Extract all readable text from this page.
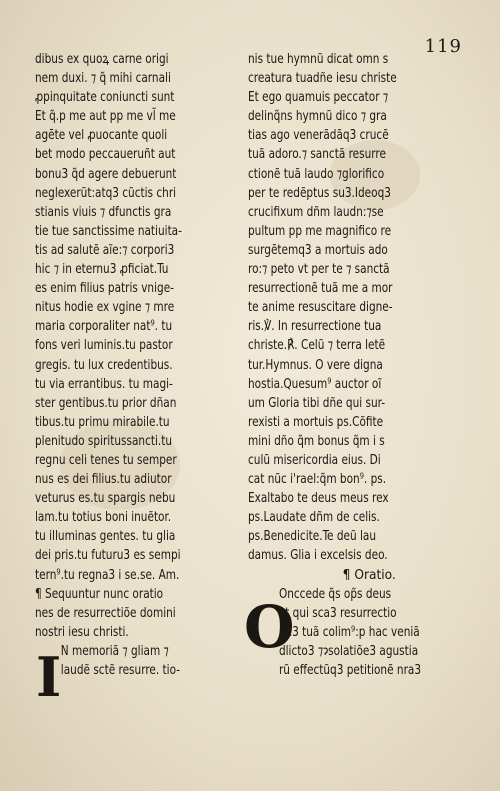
119
dibus ex quoꝝ carne origi
nem duxi. ⁊ q̃ mihi carnali
ꝓpinquitate coniuncti sunt
Et q̃.p me aut pp me vl̃ me
agēte vel ꝓuocante quoli
bet modo peccaueruñt aut
bonu3 q̃d agere debuerunt
neglexerũt:atq3 cũctis chri
stianis viuis ⁊ dfunctis gra
tie tue sanctissime natiuita-
tis ad salutẽ aĩe:⁊ corpori3
hic ⁊ in eternu3 ꝓficiat.Tu
es enim filius patris vnige-
nitus hodie ex vgine ⁊ mre
maria corporaliter nat⁹. tu
fons veri luminis.tu pastor
gregis. tu lux credentibus.
tu via errantibus. tu magi-
ster gentibus.tu prior dñan
tibus.tu primu mirabile.tu
plenitudo spiritussancti.tu
regnu celi tenes tu semper
nus es dei filius.tu adiutor
veturus es.tu spargis nebu
lam.tu totius boni inuẽtor.
tu illuminas gentes. tu glia
dei pris.tu futuru3 es sempi
tern⁹.tu regna3 i se.se. Am.
¶ Sequuntur nunc oratio
nes de resurrectiõe domini
nostri iesu christi.
N memoriã ⁊ gliam ⁊
laudẽ sctẽ resurre. tio-
nis tue hymnũ dicat omn s
creatura tuadñe iesu christe
Et ego quamuis peccator ⁊
delinq̃ns hymnũ dico ⁊ gra
tias ago venerãdãq3 crucẽ
tuã adoro.⁊ sanctã resurre
ctionẽ tuã laudo ⁊glorifico
per te redẽptus su3.Ideoq3
crucifixum dñm laudn:⁊se
pultum pp me magnifico re
surgẽtemq3 a mortuis ado
ro:⁊ peto vt per te ⁊ sanctã
resurrectionẽ tuã me a mor
te anime resuscitare digne-
ris.℣. In resurrectione tua
christe.℟. Celũ ⁊ terra letẽ
tur.Hymnus. O vere digna
hostia.Quesum⁹ auctor oĩ
um Gloria tibi dñe qui sur-
rexisti a mortuis ps.Cõfite
mini dño q̃m bonus q̃m i s
culũ misericordia eius. Di
cat nũc i'rael:q̃m bon⁹. ps.
Exaltabo te deus meus rex
ps.Laudate dñm de celis.
ps.Benedicite.Te deũ lau
damus. Glia i excelsis deo.
¶ Oratio.
Onccede q̃s op̃s deus
vt qui sca3 resurrectio
ne3 tuã colim⁹:p hac veniã
dlicto3 ⁊ɂsolatiõe3 agustia
rũ effectũq3 petitionẽ nra3
I
O
